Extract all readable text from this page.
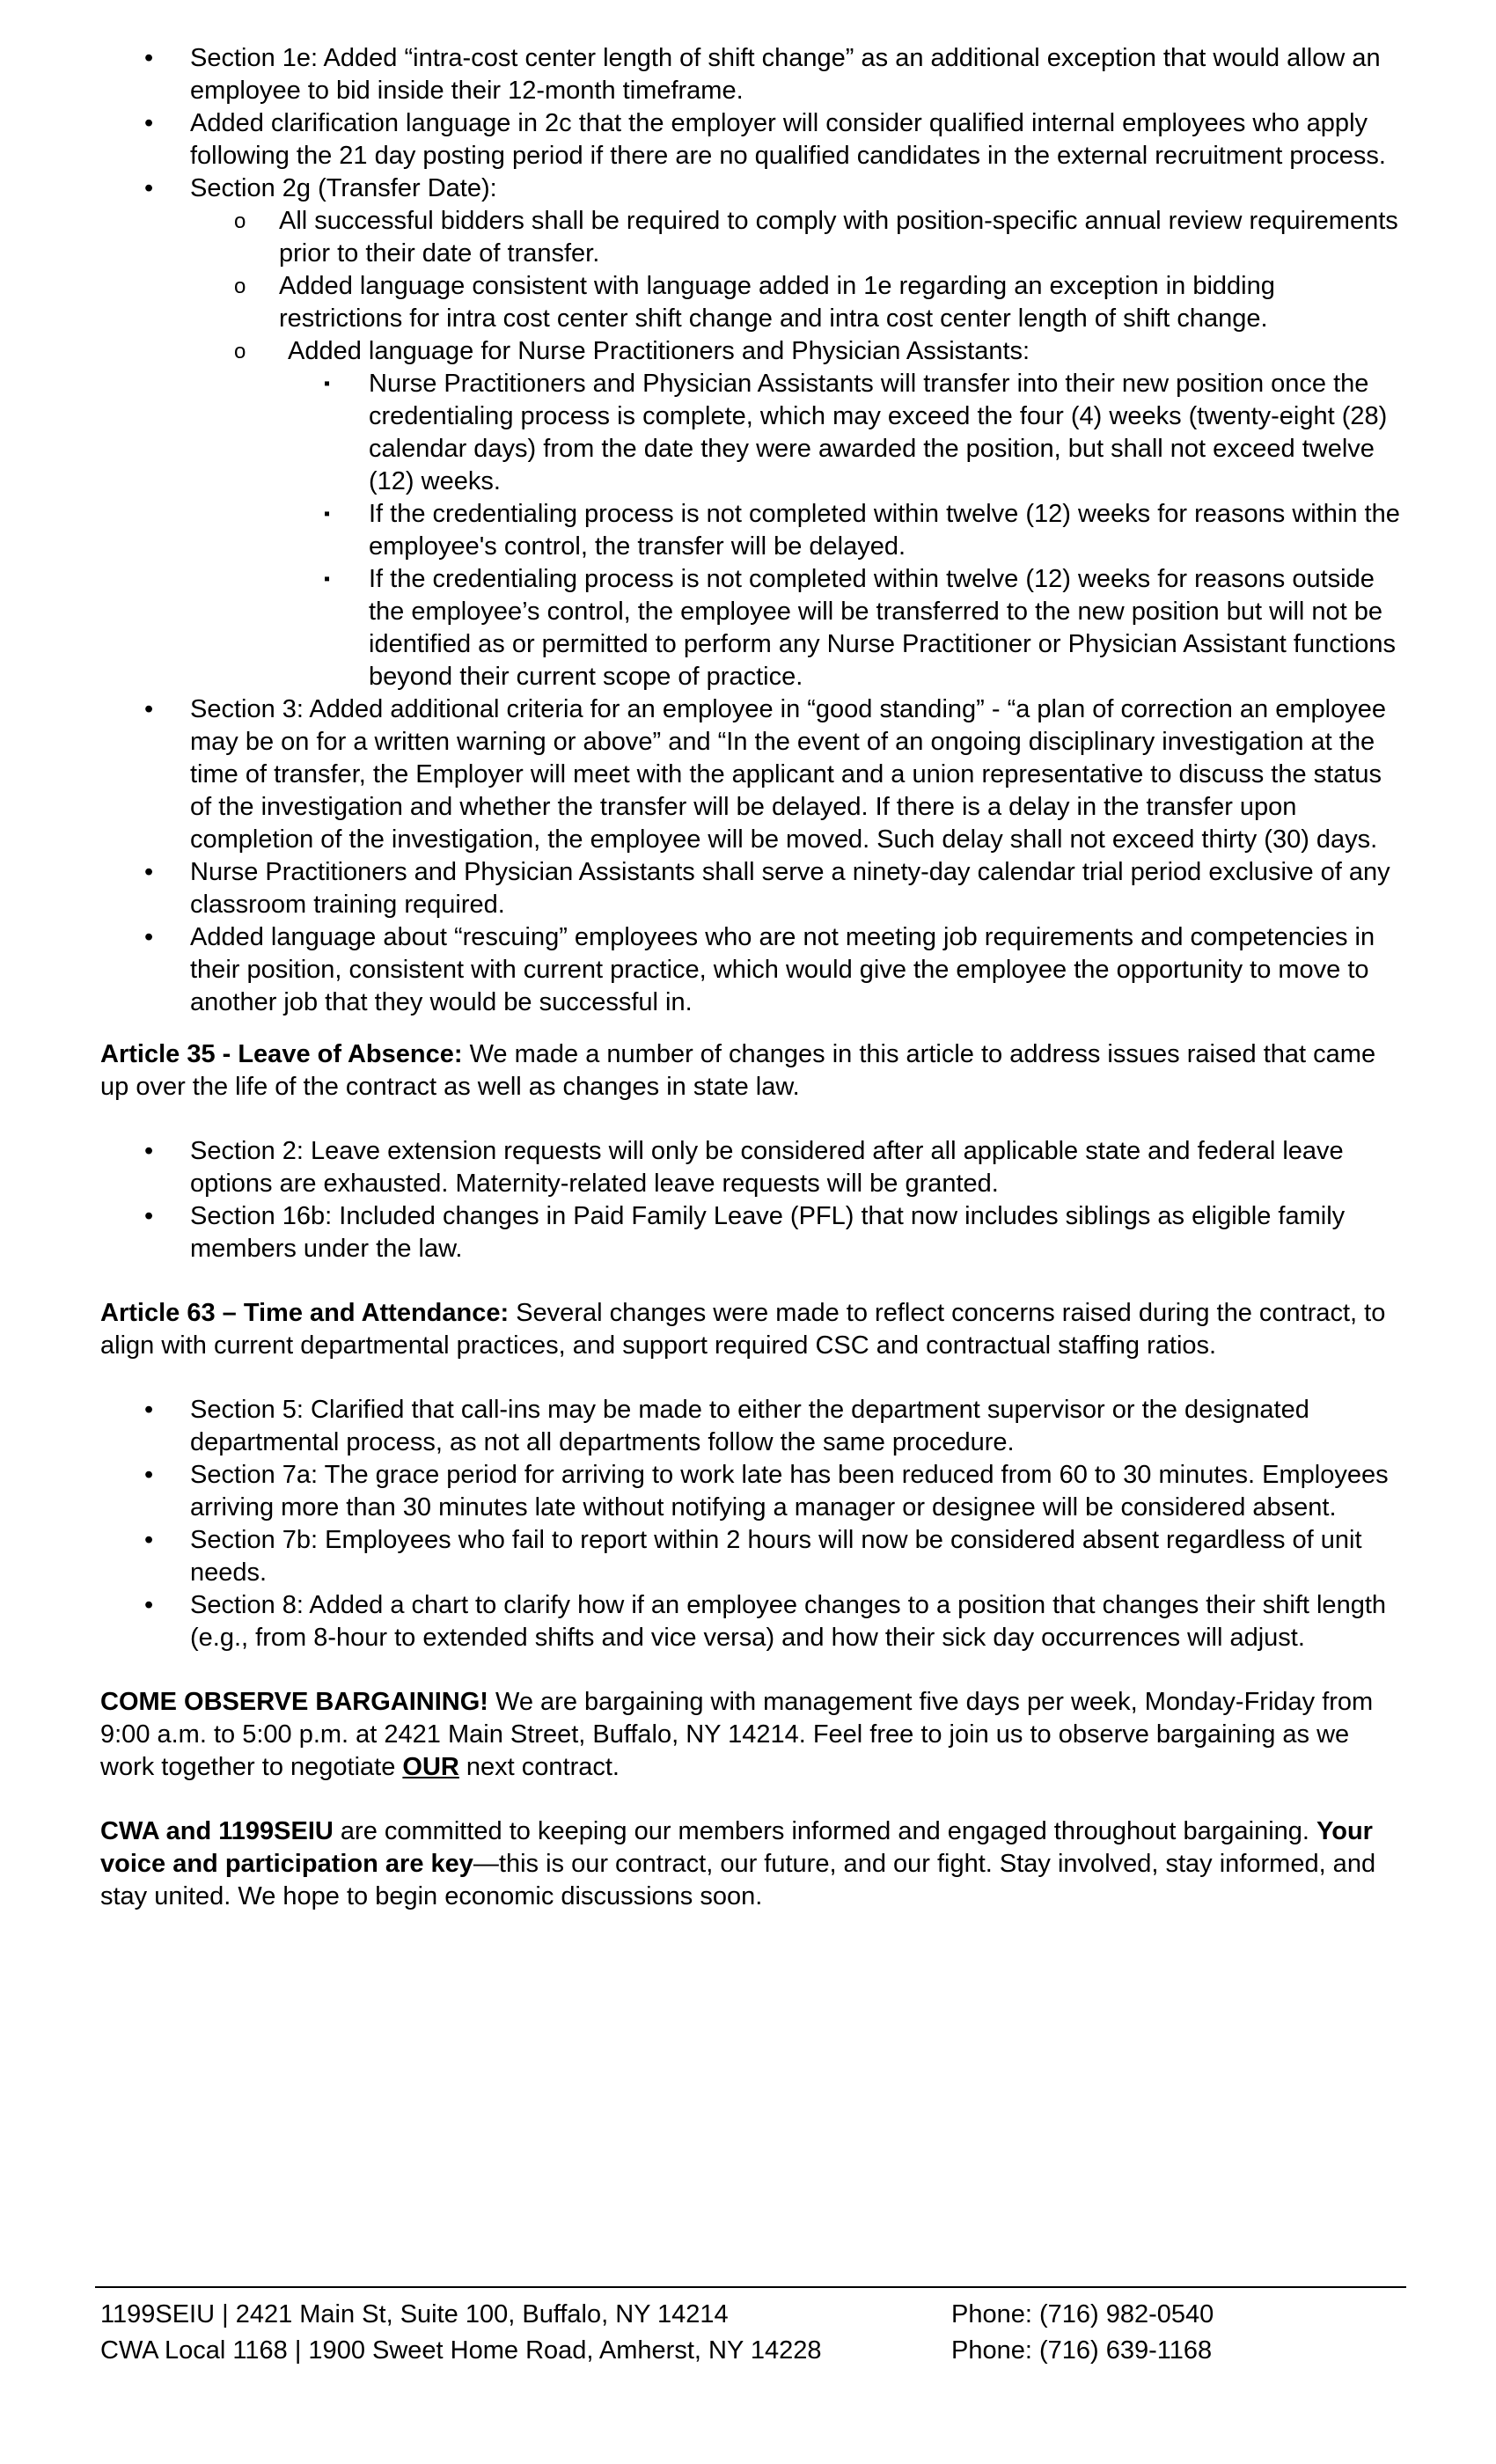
• Section 1e: Added “intra-cost center length of shift change” as an additional exception that would allow an employee to bid inside their 12-month timeframe.
• Added clarification language in 2c that the employer will consider qualified internal employees who apply following the 21 day posting period if there are no qualified candidates in the external recruitment process.
• Section 2g (Transfer Date):
o All successful bidders shall be required to comply with position-specific annual review requirements prior to their date of transfer.
o Added language consistent with language added in 1e regarding an exception in bidding restrictions for intra cost center shift change and intra cost center length of shift change.
o Added language for Nurse Practitioners and Physician Assistants:
▪ Nurse Practitioners and Physician Assistants will transfer into their new position once the credentialing process is complete, which may exceed the four (4) weeks (twenty-eight (28) calendar days) from the date they were awarded the position, but shall not exceed twelve (12) weeks.
▪ If the credentialing process is not completed within twelve (12) weeks for reasons within the employee's control, the transfer will be delayed.
▪ If the credentialing process is not completed within twelve (12) weeks for reasons outside the employee’s control, the employee will be transferred to the new position but will not be identified as or permitted to perform any Nurse Practitioner or Physician Assistant functions beyond their current scope of practice.
• Section 3: Added additional criteria for an employee in “good standing” - “a plan of correction an employee may be on for a written warning or above” and “In the event of an ongoing disciplinary investigation at the time of transfer, the Employer will meet with the applicant and a union representative to discuss the status of the investigation and whether the transfer will be delayed. If there is a delay in the transfer upon completion of the investigation, the employee will be moved. Such delay shall not exceed thirty (30) days.
• Nurse Practitioners and Physician Assistants shall serve a ninety-day calendar trial period exclusive of any classroom training required.
• Added language about “rescuing” employees who are not meeting job requirements and competencies in their position, consistent with current practice, which would give the employee the opportunity to move to another job that they would be successful in.

Article 35 - Leave of Absence: We made a number of changes in this article to address issues raised that came up over the life of the contract as well as changes in state law.

• Section 2: Leave extension requests will only be considered after all applicable state and federal leave options are exhausted. Maternity-related leave requests will be granted.
• Section 16b: Included changes in Paid Family Leave (PFL) that now includes siblings as eligible family members under the law.

Article 63 – Time and Attendance: Several changes were made to reflect concerns raised during the contract, to align with current departmental practices, and support required CSC and contractual staffing ratios.

• Section 5: Clarified that call-ins may be made to either the department supervisor or the designated departmental process, as not all departments follow the same procedure.
• Section 7a: The grace period for arriving to work late has been reduced from 60 to 30 minutes. Employees arriving more than 30 minutes late without notifying a manager or designee will be considered absent.
• Section 7b: Employees who fail to report within 2 hours will now be considered absent regardless of unit needs.
• Section 8: Added a chart to clarify how if an employee changes to a position that changes their shift length (e.g., from 8-hour to extended shifts and vice versa) and how their sick day occurrences will adjust.

COME OBSERVE BARGAINING! We are bargaining with management five days per week, Monday-Friday from 9:00 a.m. to 5:00 p.m. at 2421 Main Street, Buffalo, NY 14214. Feel free to join us to observe bargaining as we work together to negotiate OUR next contract.

CWA and 1199SEIU are committed to keeping our members informed and engaged throughout bargaining. Your voice and participation are key—this is our contract, our future, and our fight. Stay involved, stay informed, and stay united. We hope to begin economic discussions soon.

1199SEIU | 2421 Main St, Suite 100, Buffalo, NY 14214	Phone: (716) 982-0540
CWA Local 1168 | 1900 Sweet Home Road, Amherst, NY 14228	Phone: (716) 639-1168
